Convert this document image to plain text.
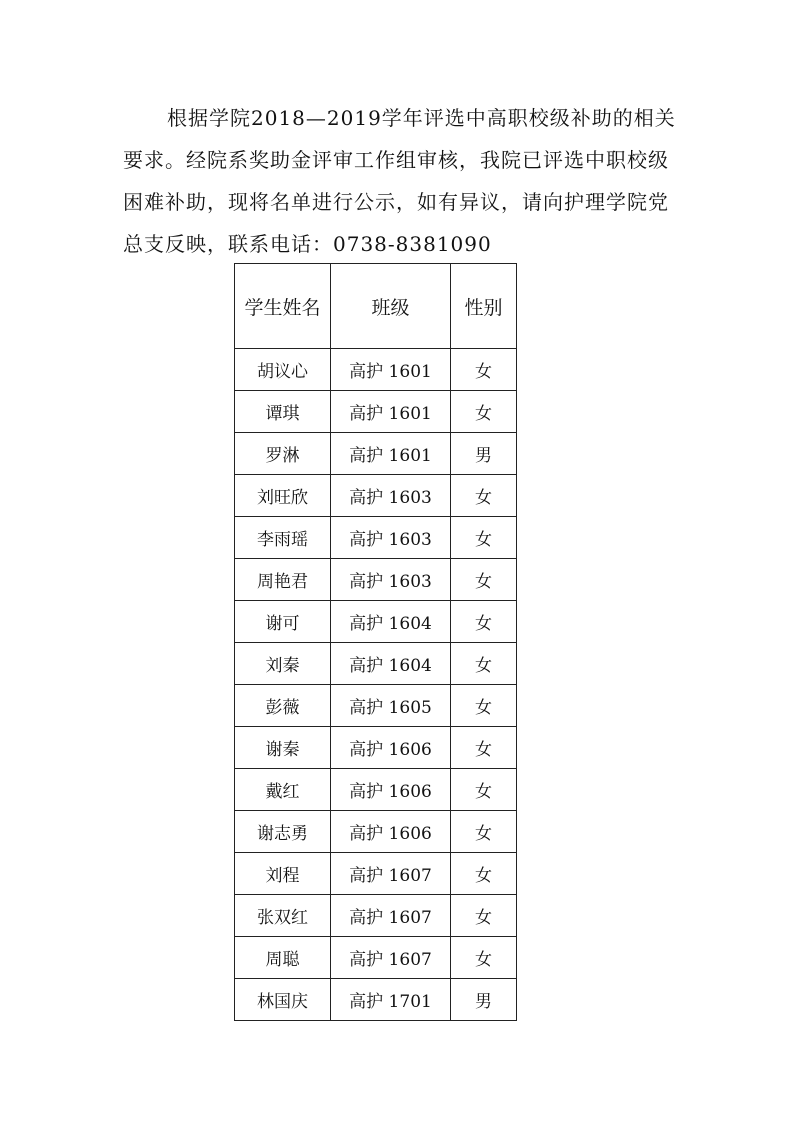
根据学院2018—2019学年评选中高职校级补助的相关
要求。经院系奖助金评审工作组审核，我院已评选中职校级
困难补助，现将名单进行公示，如有异议，请向护理学院党
总支反映，联系电话：0738-8381090
学生姓名	班级	性别
胡议心	高护 1601	女
谭琪	高护 1601	女
罗淋	高护 1601	男
刘旺欣	高护 1603	女
李雨瑶	高护 1603	女
周艳君	高护 1603	女
谢可	高护 1604	女
刘秦	高护 1604	女
彭薇	高护 1605	女
谢秦	高护 1606	女
戴红	高护 1606	女
谢志勇	高护 1606	女
刘程	高护 1607	女
张双红	高护 1607	女
周聪	高护 1607	女
林国庆	高护 1701	男
